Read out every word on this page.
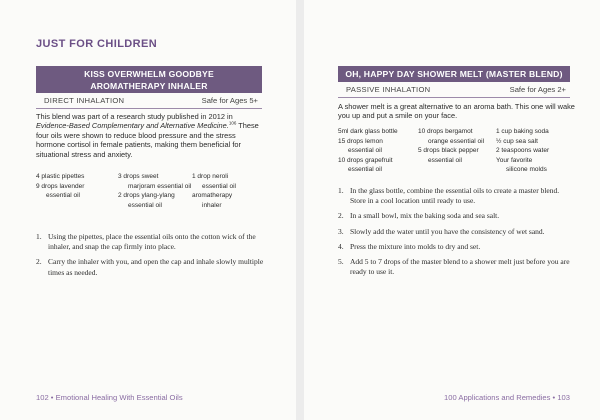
JUST FOR CHILDREN
KISS OVERWHELM GOODBYE
AROMATHERAPY INHALER
DIRECT INHALATION	Safe for Ages 5+
This blend was part of a research study published in 2012 in Evidence-Based Complementary and Alternative Medicine.$^{106}$ These four oils were shown to reduce blood pressure and the stress hormone cortisol in female patients, making them beneficial for situational stress and anxiety.
4 plastic pipettes
9 drops lavender
essential oil
3 drops sweet
marjoram essential oil
2 drops ylang-ylang
essential oil
1 drop neroli
essential oil
aromatherapy
inhaler
1. Using the pipettes, place the essential oils onto the cotton wick of the inhaler, and snap the cap firmly into place.
2. Carry the inhaler with you, and open the cap and inhale slowly multiple times as needed.
102 • Emotional Healing With Essential Oils
OH, HAPPY DAY SHOWER MELT (MASTER BLEND)
PASSIVE INHALATION	Safe for Ages 2+
A shower melt is a great alternative to an aroma bath. This one will wake you up and put a smile on your face.
5ml dark glass bottle
15 drops lemon
essential oil
10 drops grapefruit
essential oil
10 drops bergamot
orange essential oil
5 drops black pepper
essential oil
1 cup baking soda
½ cup sea salt
2 teaspoons water
Your favorite
silicone molds
1. In the glass bottle, combine the essential oils to create a master blend. Store in a cool location until ready to use.
2. In a small bowl, mix the baking soda and sea salt.
3. Slowly add the water until you have the consistency of wet sand.
4. Press the mixture into molds to dry and set.
5. Add 5 to 7 drops of the master blend to a shower melt just before you are ready to use it.
100 Applications and Remedies • 103
